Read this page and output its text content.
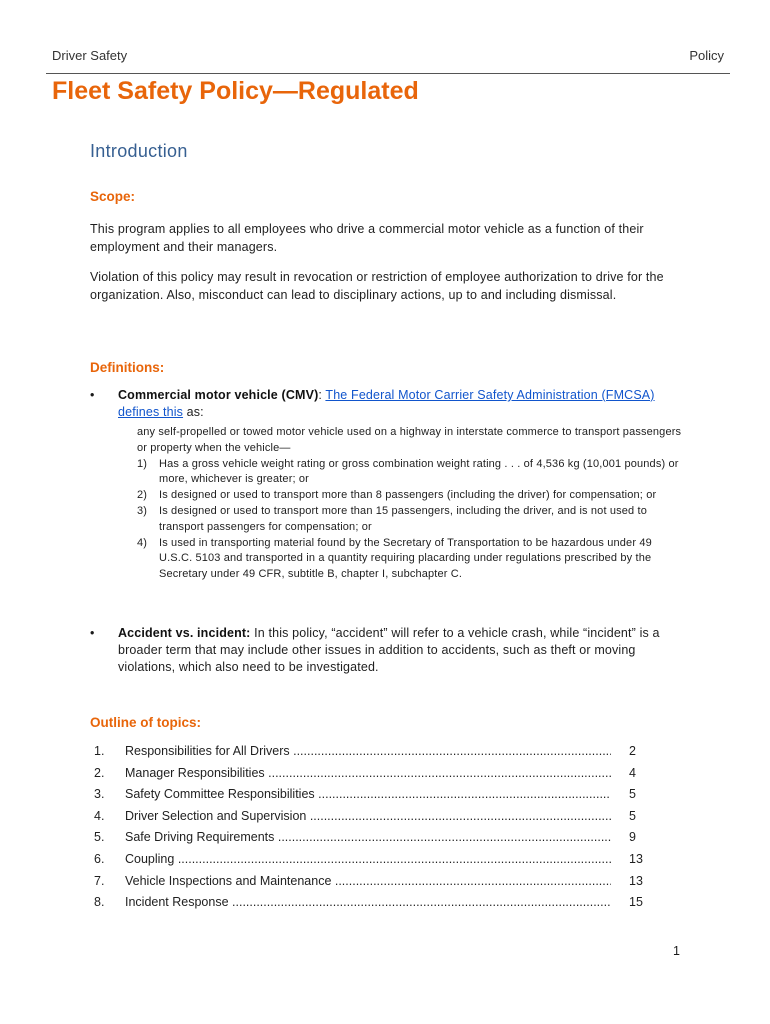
Driver Safety	Policy
Fleet Safety Policy—Regulated
Introduction
Scope:

This program applies to all employees who drive a commercial motor vehicle as a function of their employment and their managers.

Violation of this policy may result in revocation or restriction of employee authorization to drive for the organization. Also, misconduct can lead to disciplinary actions, up to and including dismissal.

Definitions:
• Commercial motor vehicle (CMV): The Federal Motor Carrier Safety Administration (FMCSA) defines this as:
any self-propelled or towed motor vehicle used on a highway in interstate commerce to transport passengers or property when the vehicle—
1) Has a gross vehicle weight rating or gross combination weight rating . . . of 4,536 kg (10,001 pounds) or more, whichever is greater; or
2) Is designed or used to transport more than 8 passengers (including the driver) for compensation; or
3) Is designed or used to transport more than 15 passengers, including the driver, and is not used to transport passengers for compensation; or
4) Is used in transporting material found by the Secretary of Transportation to be hazardous under 49 U.S.C. 5103 and transported in a quantity requiring placarding under regulations prescribed by the Secretary under 49 CFR, subtitle B, chapter I, subchapter C.
• Accident vs. incident: In this policy, “accident” will refer to a vehicle crash, while “incident” is a broader term that may include other issues in addition to accidents, such as theft or moving violations, which also need to be investigated.
Outline of topics:
1. Responsibilities for All Drivers .....	2
2. Manager Responsibilities .....	4
3. Safety Committee Responsibilities .....	5
4. Driver Selection and Supervision .....	5
5. Safe Driving Requirements .....	9
6. Coupling .....	13
7. Vehicle Inspections and Maintenance .....	13
8. Incident Response .....	15
1
